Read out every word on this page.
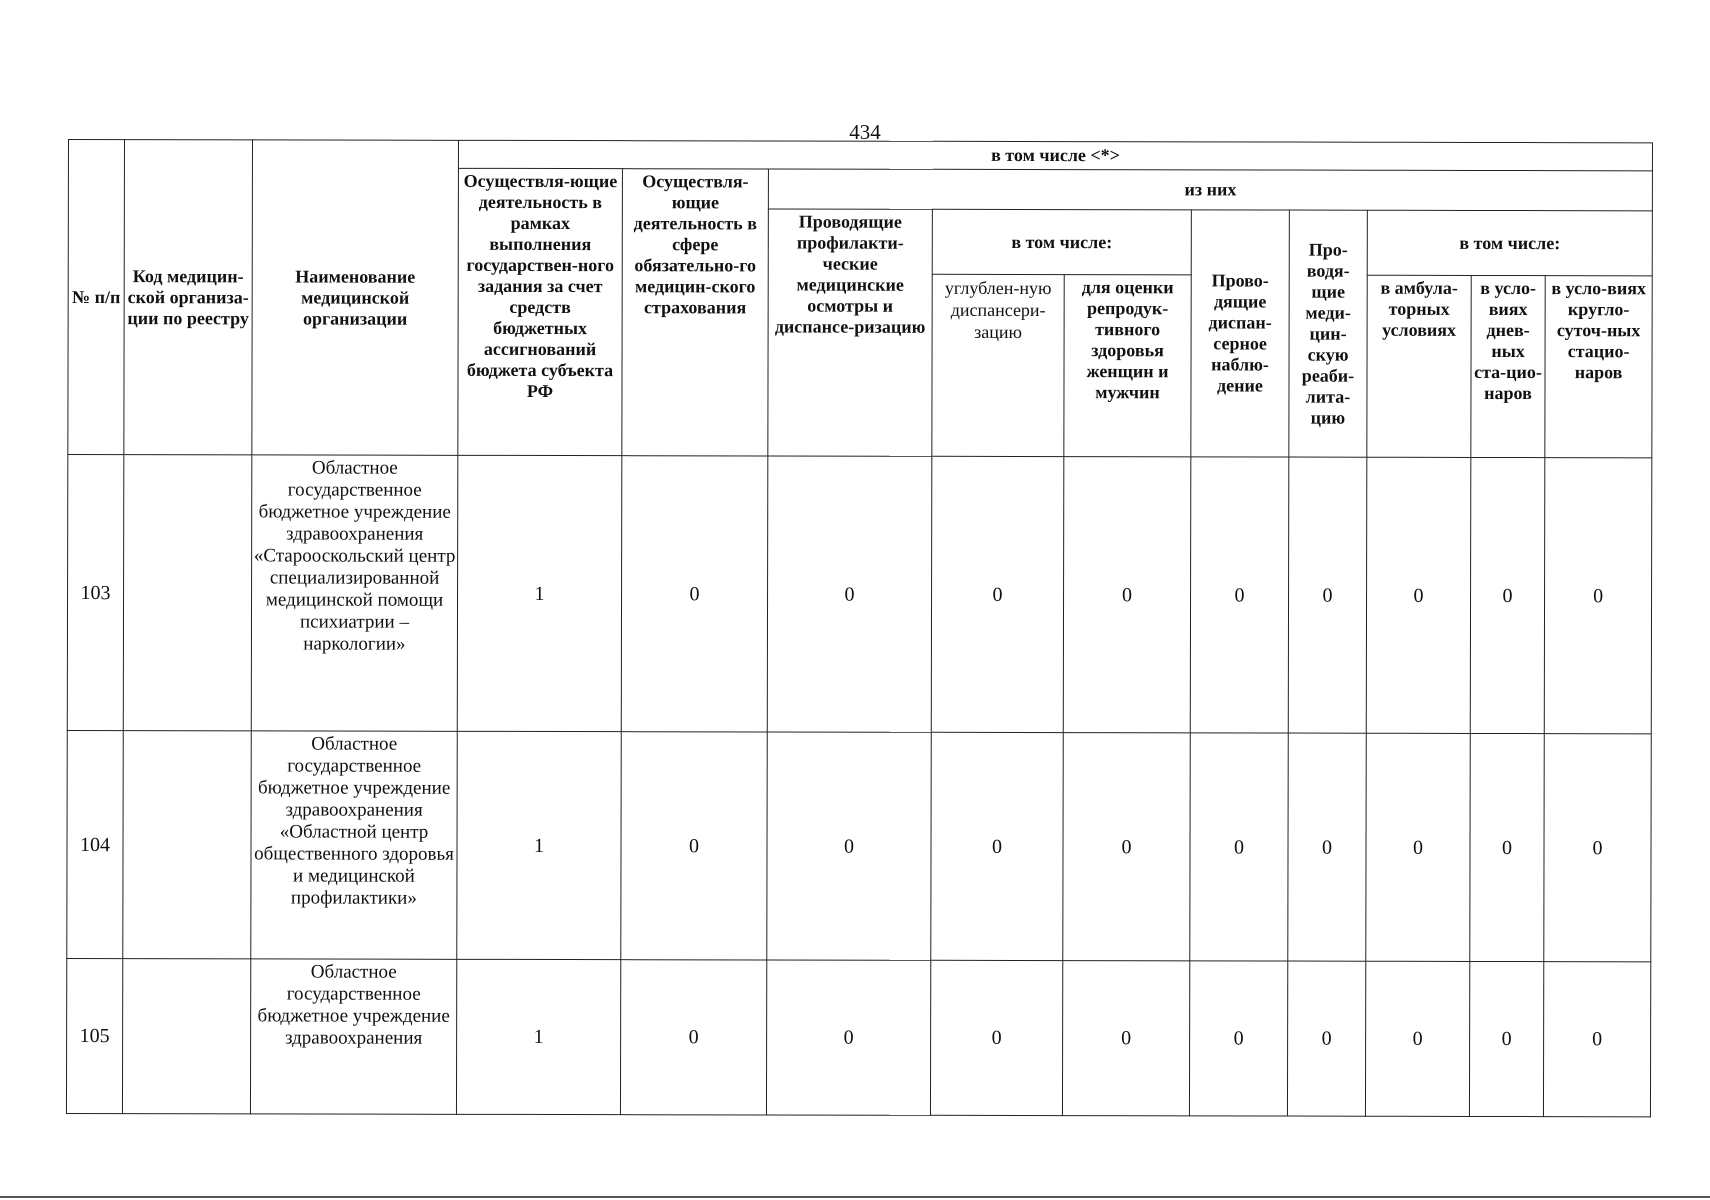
434
№ п/п	Код медицин-ской организа-ции по реестру	Наименование медицинской организации	в том числе <*>									
			Осуществля-ющие деятельность в рамках выполнения государствен-ного задания за счет средств бюджетных ассигнований бюджета субъекта РФ	Осуществля-ющие деятельность в сфере обязательно-го медицин-ского страхования	из них							
					Проводящие профилакти-ческие медицинские осмотры и диспансе-ризацию	в том числе:		Прово-дящие диспан-серное наблю-дение	Про-водя-щие меди-цин-скую реаби-лита-цию	в том числе:		
						углублен-ную диспансери-зацию	для оценки репродук-тивного здоровья женщин и мужчин			в амбула-торных условиях	в усло-виях днев-ных ста-цио-наров	в усло-виях кругло-суточ-ных стацио-наров
103		Областное государственное бюджетное учреждение здравоохранения «Старооскольский центр специализированной медицинской помощи психиатрии – наркологии»	1	0	0	0	0	0	0	0	0	0
104		Областное государственное бюджетное учреждение здравоохранения «Областной центр общественного здоровья и медицинской профилактики»	1	0	0	0	0	0	0	0	0	0
105		Областное государственное бюджетное учреждение здравоохранения	1	0	0	0	0	0	0	0	0	0
